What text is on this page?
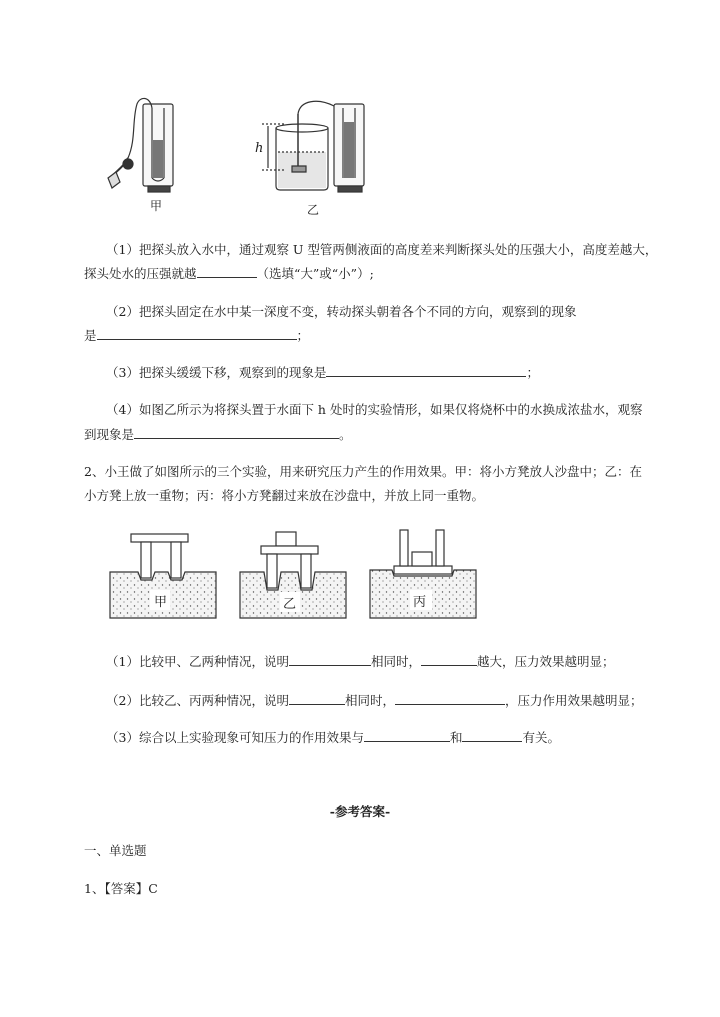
甲
h
乙
（1）把探头放入水中，通过观察 U 型管两侧液面的高度差来判断探头处的压强大小，高度差越大，
探头处水的压强就越	（选填“大”或“小”）;
（2）把探头固定在水中某一深度不变，转动探头朝着各个不同的方向，观察到的现象
是	；
（3）把探头缓缓下移，观察到的现象是	；
（4）如图乙所示为将探头置于水面下 h 处时的实验情形，如果仅将烧杯中的水换成浓盐水，观察
到现象是	。
2、小王做了如图所示的三个实验，用来研究压力产生的作用效果。甲：将小方凳放人沙盘中；乙：在
小方凳上放一重物；丙：将小方凳翻过来放在沙盘中，并放上同一重物。
甲	乙	丙
（1）比较甲、乙两种情况，说明	相同时，	越大，压力效果越明显；
（2）比较乙、丙两种情况，说明	相同时，	，压力作用效果越明显；
（3）综合以上实验现象可知压力的作用效果与	和	有关。
-参考答案-
一、单选题
1、【答案】C
